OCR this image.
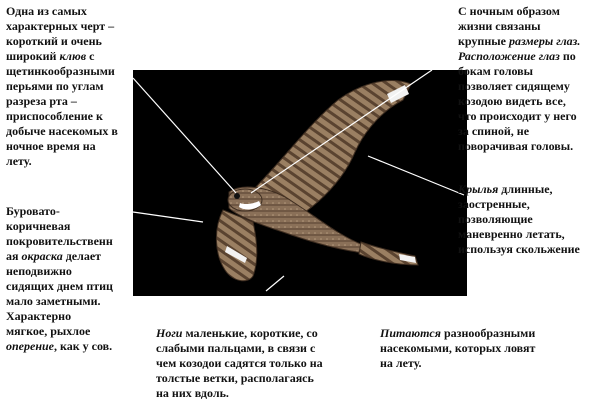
Одна из самых
характерных черт –
короткий и очень
широкий клюв с
щетинкообразными
перьями по углам
разреза рта –
приспособление к
добыче насекомых в
ночное время на
лету.
С ночным образом
жизни связаны
крупные размеры глаз.
Расположение глаз по
бокам головы
позволяет сидящему
козодою видеть все,
что происходит у него
за спиной, не
поворачивая головы.
Крылья длинные,
заостренные,
позволяющие
маневренно летать,
используя скольжение
Буровато-
коричневая
покровительственн
ая окраска делает
неподвижно
сидящих днем птиц
мало заметными.
Характерно
мягкое, рыхлое
оперение, как у сов.
Ноги маленькие, короткие, со
слабыми пальцами, в связи с
чем козодои садятся только на
толстые ветки, располагаясь
на них вдоль.
Питаются разнообразными
насекомыми, которых ловят
на лету.
